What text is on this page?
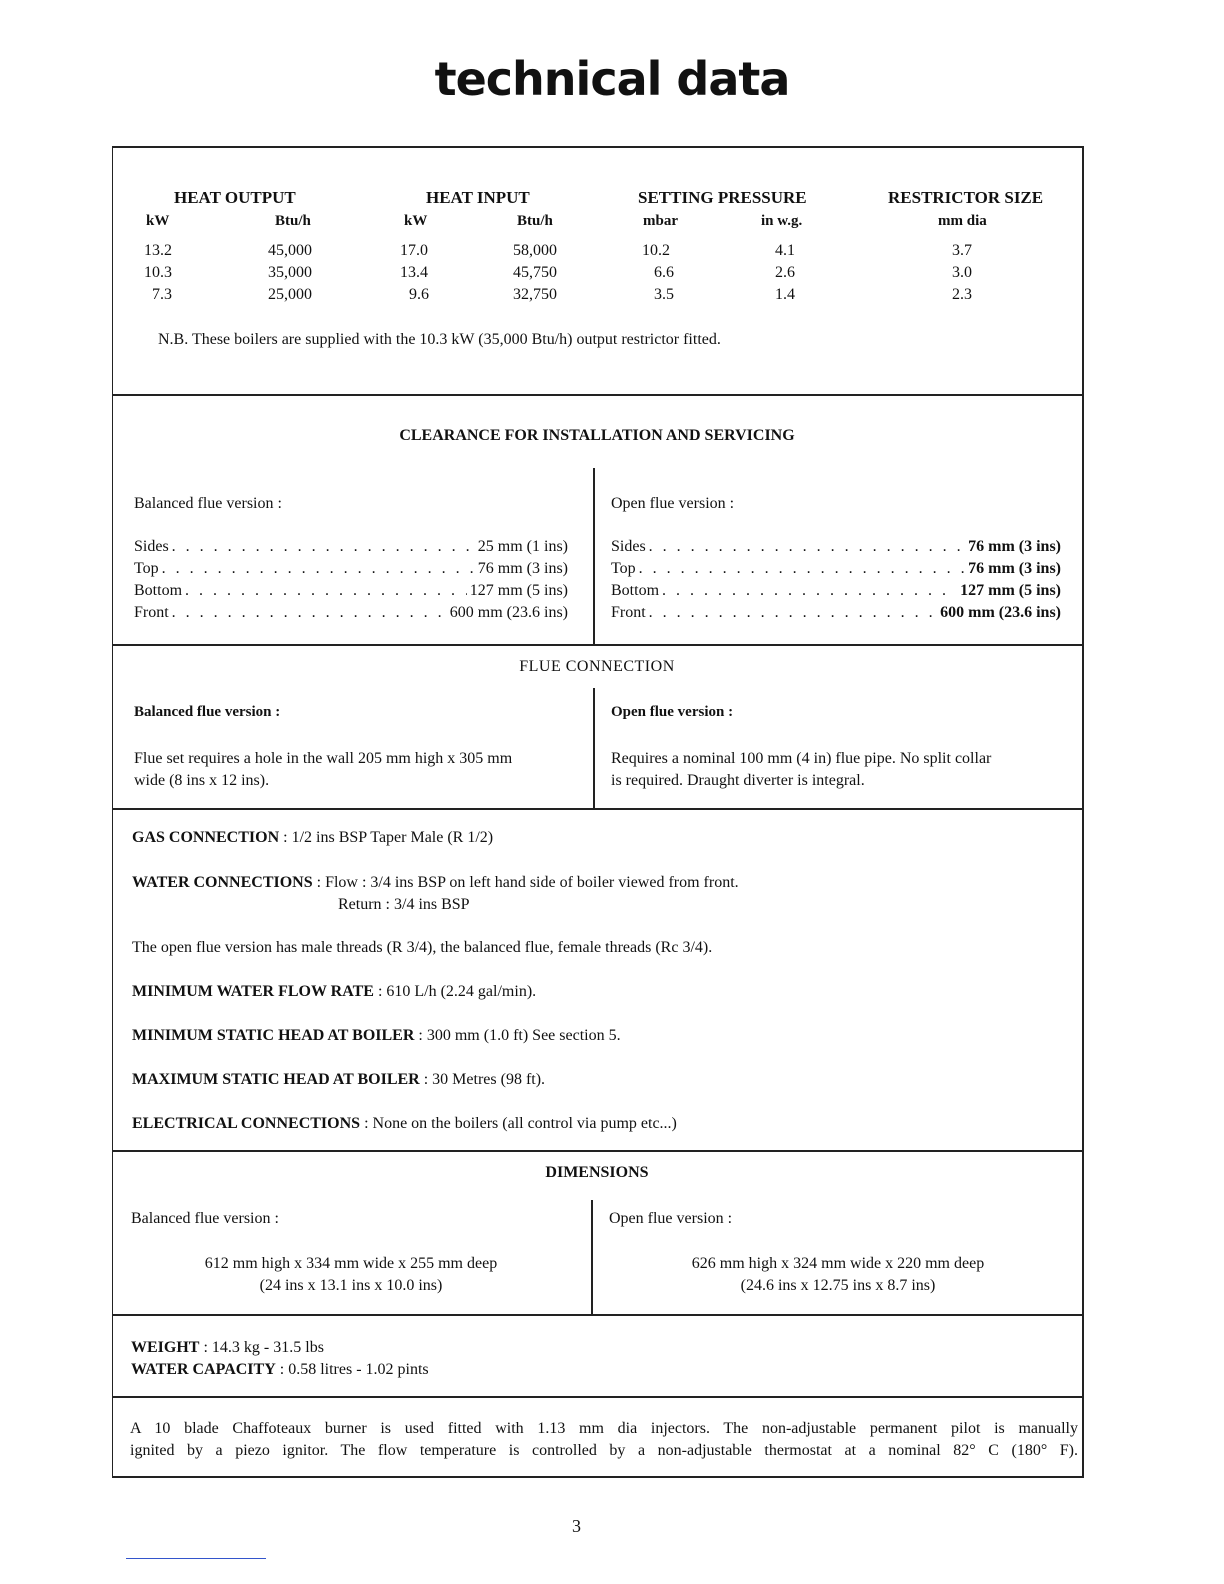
technical data
HEAT OUTPUT	HEAT INPUT	SETTING PRESSURE	RESTRICTOR SIZE
kW	Btu/h	kW	Btu/h	mbar	in w.g.	mm dia
13.2	45,000	17.0	58,000	10.2	4.1	3.7
10.3	35,000	13.4	45,750	6.6	2.6	3.0
7.3	25,000	9.6	32,750	3.5	1.4	2.3
N.B. These boilers are supplied with the 10.3 kW (35,000 Btu/h) output restrictor fitted.
CLEARANCE FOR INSTALLATION AND SERVICING
Balanced flue version :	Open flue version :
Sides . . .	25 mm (1 ins)
Top . . .	76 mm (3 ins)
Bottom . . .	127 mm (5 ins)
Front . . .	600 mm (23.6 ins)
Sides . . .	76 mm (3 ins)
Top . . .	76 mm (3 ins)
Bottom . . .	127 mm (5 ins)
Front . . .	600 mm (23.6 ins)
FLUE CONNECTION
Balanced flue version :	Open flue version :
Flue set requires a hole in the wall 205 mm high x 305 mm
wide (8 ins x 12 ins).
Requires a nominal 100 mm (4 in) flue pipe. No split collar
is required. Draught diverter is integral.
GAS CONNECTION : 1/2 ins BSP Taper Male (R 1/2)
WATER CONNECTIONS : Flow : 3/4 ins BSP on left hand side of boiler viewed from front.
Return : 3/4 ins BSP
The open flue version has male threads (R 3/4), the balanced flue, female threads (Rc 3/4).
MINIMUM WATER FLOW RATE : 610 L/h (2.24 gal/min).
MINIMUM STATIC HEAD AT BOILER : 300 mm (1.0 ft) See section 5.
MAXIMUM STATIC HEAD AT BOILER : 30 Metres (98 ft).
ELECTRICAL CONNECTIONS : None on the boilers (all control via pump etc...)
DIMENSIONS
Balanced flue version :	Open flue version :
612 mm high x 334 mm wide x 255 mm deep
(24 ins x 13.1 ins x 10.0 ins)
626 mm high x 324 mm wide x 220 mm deep
(24.6 ins x 12.75 ins x 8.7 ins)
WEIGHT : 14.3 kg - 31.5 lbs
WATER CAPACITY : 0.58 litres - 1.02 pints
A 10 blade Chaffoteaux burner is used fitted with 1.13 mm dia injectors. The non-adjustable permanent pilot is manually
ignited by a piezo ignitor. The flow temperature is controlled by a non-adjustable thermostat at a nominal 82° C (180° F).
3
